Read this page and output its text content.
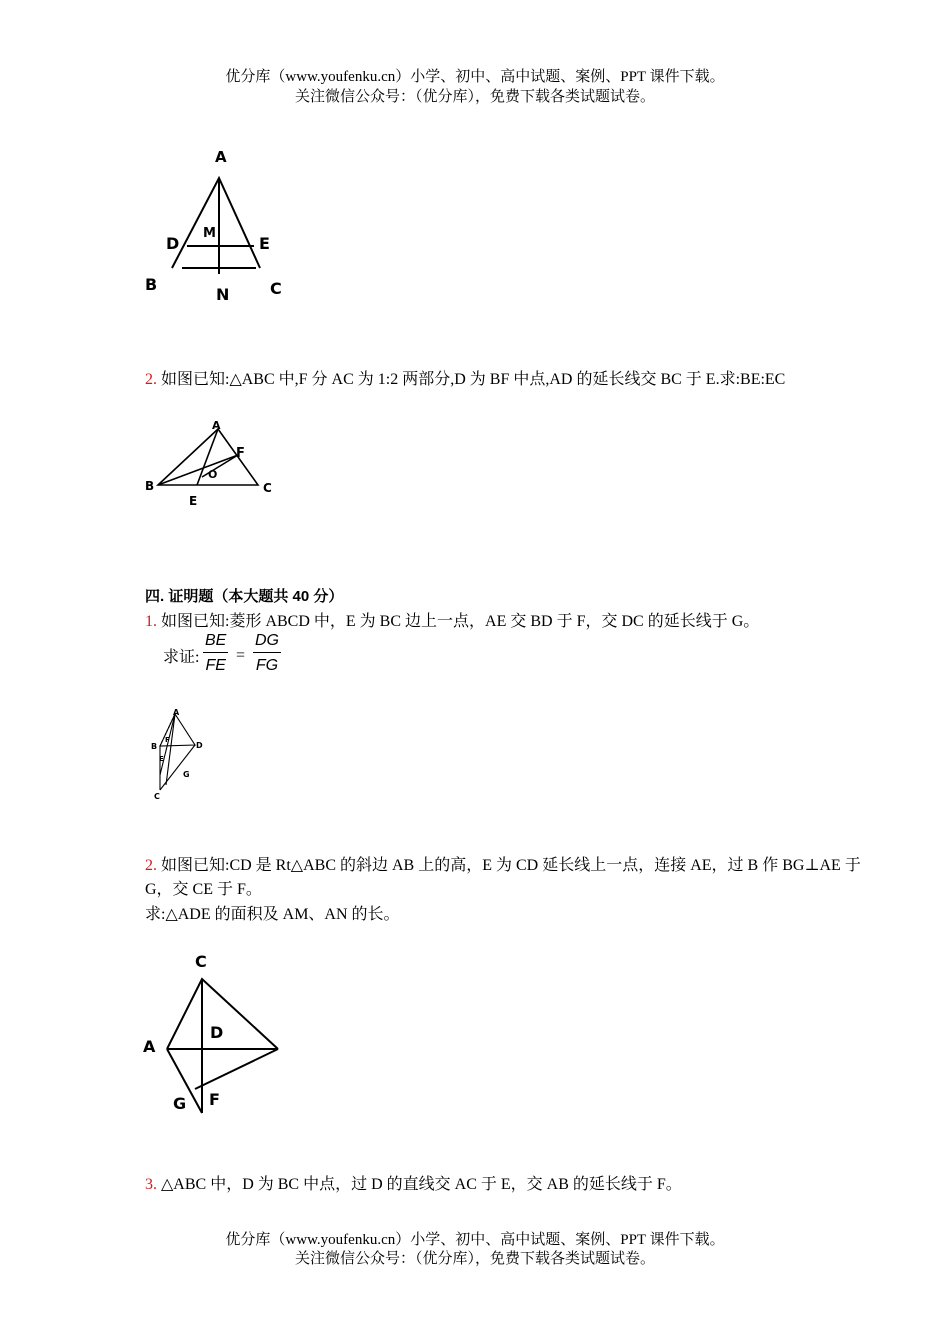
优分库（www.youfenku.cn）小学、初中、高中试题、案例、PPT 课件下载。
关注微信公众号：（优分库），免费下载各类试题试卷。
A
M
D	E
B
N	C
2. 如图已知:△ABC 中,F 分 AC 为 1:2 两部分,D 为 BF 中点,AD 的延长线交 BC 于 E.求:BE:EC
A
F
O
B
E
C
四. 证明题（本大题共 40 分）
1. 如图已知:菱形 ABCD 中，E 为 BC 边上一点，AE 交 BD 于 F，交 DC 的延长线于 G。
求证: $\frac{BE}{FE} = \frac{DG}{FG}$
A
B
F
E
D
G
C
2. 如图已知:CD 是 Rt△ABC 的斜边 AB 上的高，E 为 CD 延长线上一点，连接 AE，过 B 作 BG⊥AE 于
G，交 CE 于 F。
求:△ADE 的面积及 AM、AN 的长。
C
D
A
G F
3. △ABC 中，D 为 BC 中点，过 D 的直线交 AC 于 E，交 AB 的延长线于 F。
优分库（www.youfenku.cn）小学、初中、高中试题、案例、PPT 课件下载。
关注微信公众号：（优分库），免费下载各类试题试卷。
